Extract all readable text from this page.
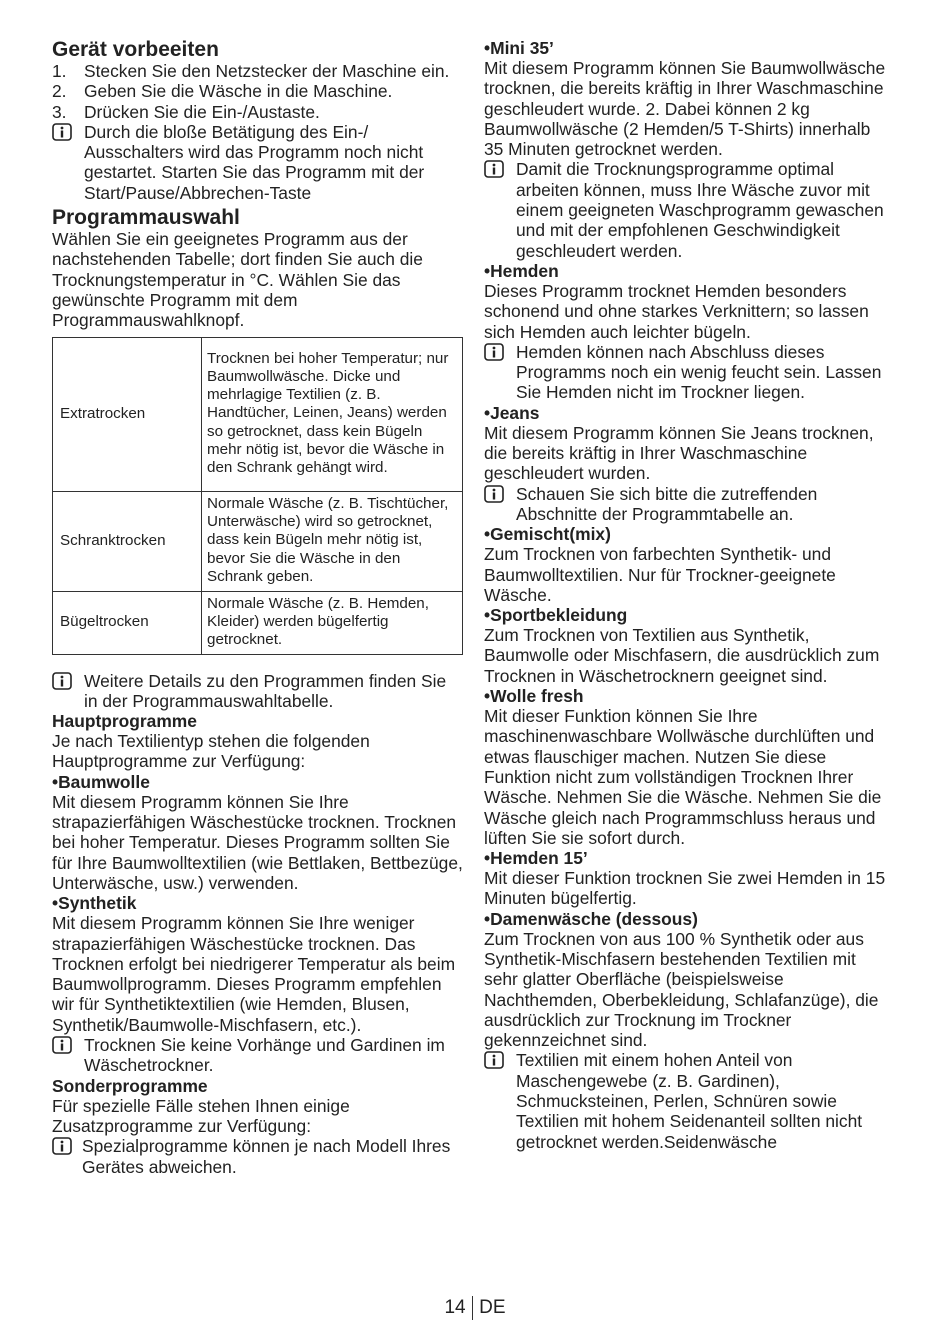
Gerät vorbeeiten
1.	Stecken Sie den Netzstecker der Maschine ein.
2.	Geben Sie die Wäsche in die Maschine.
3.	Drücken Sie die Ein-/Austaste.
Durch die bloße Betätigung des Ein-/ Ausschalters wird das Programm noch nicht gestartet. Starten Sie das Programm mit der Start/Pause/Abbrechen-Taste
Programmauswahl

Wählen Sie ein geeignetes Programm aus der nachstehenden Tabelle; dort finden Sie auch die Trocknungstemperatur in °C. Wählen Sie das gewünschte Programm mit dem Programmauswahlknopf.

Extratrocken	Trocknen bei hoher Temperatur; nur Baumwollwäsche. Dicke und mehrlagige Textilien (z. B. Handtücher, Leinen, Jeans) werden so getrocknet, dass kein Bügeln mehr nötig ist, bevor die Wäsche in den Schrank gehängt wird.
Schranktrocken	Normale Wäsche (z. B. Tischtücher, Unterwäsche) wird so getrocknet, dass kein Bügeln mehr nötig ist, bevor Sie die Wäsche in den Schrank geben.
Bügeltrocken	Normale Wäsche (z. B. Hemden, Kleider) werden bügelfertig getrocknet.
Weitere Details zu den Programmen finden Sie in der Programmauswahltabelle.
Hauptprogramme

Je nach Textilientyp stehen die folgenden Hauptprogramme zur Verfügung:

•Baumwolle

Mit diesem Programm können Sie Ihre strapazierfähigen Wäschestücke trocknen. Trocknen bei hoher Temperatur. Dieses Programm sollten Sie für Ihre Baumwolltextilien (wie Bettlaken, Bettbezüge, Unterwäsche, usw.) verwenden.

•Synthetik

Mit diesem Programm können Sie Ihre weniger strapazierfähigen Wäschestücke trocknen. Das Trocknen erfolgt bei niedrigerer Temperatur als beim Baumwollprogramm. Dieses Programm empfehlen wir für Synthetiktextilien (wie Hemden, Blusen, Synthetik/Baumwolle-Mischfasern, etc.).

Trocknen Sie keine Vorhänge und Gardinen im Wäschetrockner.
Sonderprogramme

Für spezielle Fälle stehen Ihnen einige Zusatzprogramme zur Verfügung:

Spezialprogramme können je nach Modell Ihres Gerätes abweichen.
•Mini 35’

Mit diesem Programm können Sie Baumwollwäsche trocknen, die bereits kräftig in Ihrer Waschmaschine geschleudert wurde. 2. Dabei können 2 kg Baumwollwäsche (2 Hemden/5 T-Shirts) innerhalb 35 Minuten getrocknet werden.

Damit die Trocknungsprogramme optimal arbeiten können, muss Ihre Wäsche zuvor mit einem geeigneten Waschprogramm gewaschen und mit der empfohlenen Geschwindigkeit geschleudert werden.
•Hemden

Dieses Programm trocknet Hemden besonders schonend und ohne starkes Verknittern; so lassen sich Hemden auch leichter bügeln.

Hemden können nach Abschluss dieses Programms noch ein wenig feucht sein. Lassen Sie Hemden nicht im Trockner liegen.
•Jeans

Mit diesem Programm können Sie Jeans trocknen, die bereits kräftig in Ihrer Waschmaschine geschleudert wurden.

Schauen Sie sich bitte die zutreffenden Abschnitte der Programmtabelle an.
•Gemischt(mix)

Zum Trocknen von farbechten Synthetik- und Baumwolltextilien. Nur für Trockner-geeignete Wäsche.

•Sportbekleidung

Zum Trocknen von Textilien aus Synthetik, Baumwolle oder Mischfasern, die ausdrücklich zum Trocknen in Wäschetrocknern geeignet sind.

•Wolle fresh

Mit dieser Funktion können Sie Ihre maschinenwaschbare Wollwäsche durchlüften und etwas flauschiger machen. Nutzen Sie diese Funktion nicht zum vollständigen Trocknen Ihrer Wäsche. Nehmen Sie die Wäsche. Nehmen Sie die Wäsche gleich nach Programmschluss heraus und lüften Sie sie sofort durch.

•Hemden 15’

Mit dieser Funktion trocknen Sie zwei Hemden in 15 Minuten bügelfertig.

•Damenwäsche (dessous)

Zum Trocknen von aus 100 % Synthetik oder aus Synthetik-Mischfasern bestehenden Textilien mit sehr glatter Oberfläche (beispielsweise Nachthemden, Oberbekleidung, Schlafanzüge), die ausdrücklich zur Trocknung im Trockner gekennzeichnet sind.

Textilien mit einem hohen Anteil von Maschengewebe (z. B. Gardinen), Schmucksteinen, Perlen, Schnüren sowie Textilien mit hohem Seidenanteil sollten nicht getrocknet werden.Seidenwäsche
14 DE
